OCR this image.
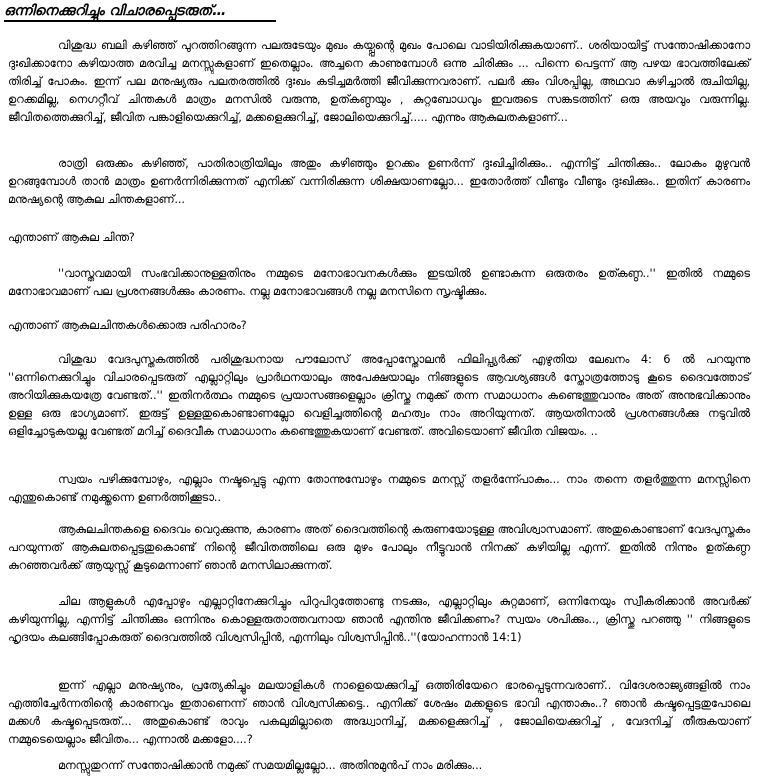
ഒന്നിനെക്കുറിച്ചും വിചാരപ്പെടരുത്…

വിശുദ്ധ ബലി കഴിഞ്ഞ് പുറത്തിറങ്ങുന്ന പലരുടേയും മുഖം കയ്പ്പന്റെ മുഖം പോലെ വാടിയിരിക്കുകയാണ്.. ശരിയായിട്ട് സന്തോഷിക്കാനോ ദുഃഖിക്കാനോ കഴിയാത്ത മരവിച്ച മനസ്സുകളാണ് ഇതെല്ലാം. അച്ചനെ കാണുമ്പോൾ ഒന്നു ചിരിക്കും ... പിന്നെ പെട്ടന്ന് ആ പഴയ ഭാവത്തിലേക്ക് തിരിച്ച് പോകും. ഇന്ന് പല മനുഷ്യരും പലതരത്തിൽ ദുഃഖം കടിച്ചമർത്തി ജീവിക്കുന്നവരാണ്. പലർ ക്കും വിശപ്പില്ല, അഥവാ കഴിച്ചാൽ രുചിയില്ല, ഉറക്കമില്ല, നെഗറ്റീവ് ചിന്തകൾ മാത്രം മനസിൽ വരുന്നു, ഉത്കണ്ഠയും , കുറ്റബോധവും ഇവരുടെ സങ്കടത്തിന് ഒരു അയവും വരുന്നില്ല. ജീവിതത്തെക്കുറിച്ച്, ജീവിത പങ്കാളിയെക്കുറിച്ച്, മക്കളെക്കുറിച്ച്, ജോലിയെക്കുറിച്ച്..... എന്നും ആകുലതകളാണ്...

രാത്രി ഒരുക്കം കഴിഞ്ഞ്, പാതിരാത്രിയിലും അതും കഴിഞ്ഞും ഉറക്കം ഉണർന്ന് ദുഃഖിച്ചിരിക്കും.. എന്നിട്ട് ചിന്തിക്കും.. ലോകം മുഴുവൻ ഉറങ്ങുമ്പോൾ താൻ മാത്രം ഉണർന്നിരിക്കുന്നത് എനിക്ക് വന്നിരിക്കുന്ന ശിക്ഷയാണല്ലോ... ഇതോർത്ത് വീണ്ടും വീണ്ടും ദുഃഖിക്കും.. ഇതിന് കാരണം മനുഷ്യന്റെ ആകുല ചിന്തകളാണ്...

എന്താണ് ആകുല ചിന്ത?

''വാസ്തവമായി സംഭവിക്കാനുള്ളതിനും നമ്മുടെ മനോഭാവനകൾക്കും ഇടയിൽ ഉണ്ടാകുന്ന ഒരുതരം ഉത്കണ്ഠ..'' ഇതിൽ നമ്മുടെ മനോഭാവമാണ് പല പ്രശനങ്ങൾക്കും കാരണം. നല്ല മനോഭാവങ്ങൾ നല്ല മനസിനെ സൃഷ്ടിക്കും.

എന്താണ് ആകുലചിന്തകൾക്കൊരു പരിഹാരം?

വിശുദ്ധ വേദപുസ്തകത്തിൽ പരിശുദ്ധനായ പൗലോസ് അപ്പോസ്തോലൻ ഫിലിപ്പ്യർക്ക് എഴുതിയ ലേഖനം 4: 6 ൽ പറയുന്നു ''ഒന്നിനെക്കുറിച്ചും വിചാരപ്പെടരുത് എല്ലാറ്റിലും പ്രാർഥനയാലും അപേക്ഷയാലും നിങ്ങളുടെ ആവശ്യങ്ങൾ സ്തോത്രത്തോടു കൂടെ ദൈവത്തോട് അറിയിക്കുകയത്രേ വേണ്ടത്..'' ഇതിനർത്ഥം നമ്മുടെ പ്രയാസങ്ങളെല്ലാം ക്രിസ്തു നമുക്ക് തന്ന സമാധാനം കണ്ടെത്തുവാനും അത് അനുഭവിക്കാനും ഉള്ള ഒരു ഭാഗ്യമാണ്. ഇരുട്ട് ഉള്ളതുകൊണ്ടാണല്ലോ വെളിച്ചത്തിന്റെ മഹത്വം നാം അറിയുന്നത്. ആയതിനാൽ പ്രശനങ്ങൾക്കു നടുവിൽ ഒളിച്ചോടുകയല്ല വേണ്ടത് മറിച്ച് ദൈവീക സമാധാനം കണ്ടെത്തുകയാണ് വേണ്ടത്. അവിടെയാണ് ജീവിത വിജയം. ..

സ്വയം പഴിക്കുമ്പോഴും, എല്ലാം നഷ്ടപ്പെട്ടു എന്ന തോന്നുമ്പോഴും നമ്മുടെ മനസ്സ് തളർന്ന്പോകും... നാം തന്നെ തളർത്തുന്ന മനസ്സിനെ എന്തുകൊണ്ട് നമുക്ക്തന്നെ ഉണർത്തിക്കൂടാ..

ആകുലചിന്തകളെ ദൈവം വെറുക്കുന്നു, കാരണം അത് ദൈവത്തിന്റെ കരുണയോടുള്ള അവിശ്വാസമാണ്. അതുകൊണ്ടാണ് വേദപുസ്തകം പറയുന്നത് ആകുലതപ്പെട്ടതുകൊണ്ട് നിന്റെ ജീവിതത്തിലെ ഒരു മുഴം പോലും നീട്ടുവാൻ നിനക്ക് കഴിയില്ല എന്ന്. ഇതിൽ നിന്നും ഉത്കണ്ഠ കുറഞ്ഞവർക്ക് ആയുസ്സ് കൂടുമെന്നാണ് ഞാൻ മനസിലാക്കുന്നത്.

ചില ആളുകൾ എപ്പോഴും എല്ലാറ്റിനേക്കുറിച്ചും പിറുപിറുത്തോണ്ടു നടക്കും, എല്ലാറ്റിലും കുറ്റമാണ്, ഒന്നിനേയും സ്വീകരിക്കാൻ അവർക്ക് കഴിയുന്നില്ല, എന്നിട്ട് ചിന്തിക്കും ഒന്നിനും കൊള്ളരുതാത്തവനായ ഞാൻ എന്തിനു ജീവിക്കണം? സ്വയം ശപിക്കും.., ക്രിസ്തു പറഞ്ഞു '' നിങ്ങളുടെ ഹൃദയം കലങ്ങിപ്പോകരുത് ദൈവത്തിൽ വിശ്വസിപ്പിൻ, എന്നിലും വിശ്വസിപ്പിൻ..''(യോഹന്നാൻ 14:1)

ഇന്ന് എല്ലാ മനുഷ്യനും, പ്രത്യേകിച്ചും മലയാളികൾ നാളെയെക്കുറിച്ച് ഒത്തിരിയേറെ ഭാരപ്പെടുന്നവരാണ്.. വിദേശരാജ്യങ്ങളിൽ നാം എത്തിച്ചേർന്നതിന്റെ കാരണവും ഇതാണെന്ന് ഞാൻ വിശ്വസിക്കട്ടെ.. എനിക്ക് ശേഷം മക്കളുടെ ഭാവി എന്താകും..? ഞാൻ കഷ്ടപ്പെട്ടതുപോലെ മക്കൾ കഷ്ടപ്പെടരുത്... അതുകൊണ്ട് രാവും പകലുമില്ലാതെ അദ്ധ്വാനിച്ച്, മക്കളെക്കുറിച്ച് , ജോലിയെക്കുറിച്ച് , വേദനിച്ച് തീരുകയാണ് നമ്മുടെയെല്ലാം ജീവിതം... എന്നാൽ മക്കളോ....?

മനസ്സുതുറന്ന് സന്തോഷിക്കാൻ നമുക്ക് സമയമില്ലല്ലോ... അതിനുമുൻപ് നാം മരിക്കും...
